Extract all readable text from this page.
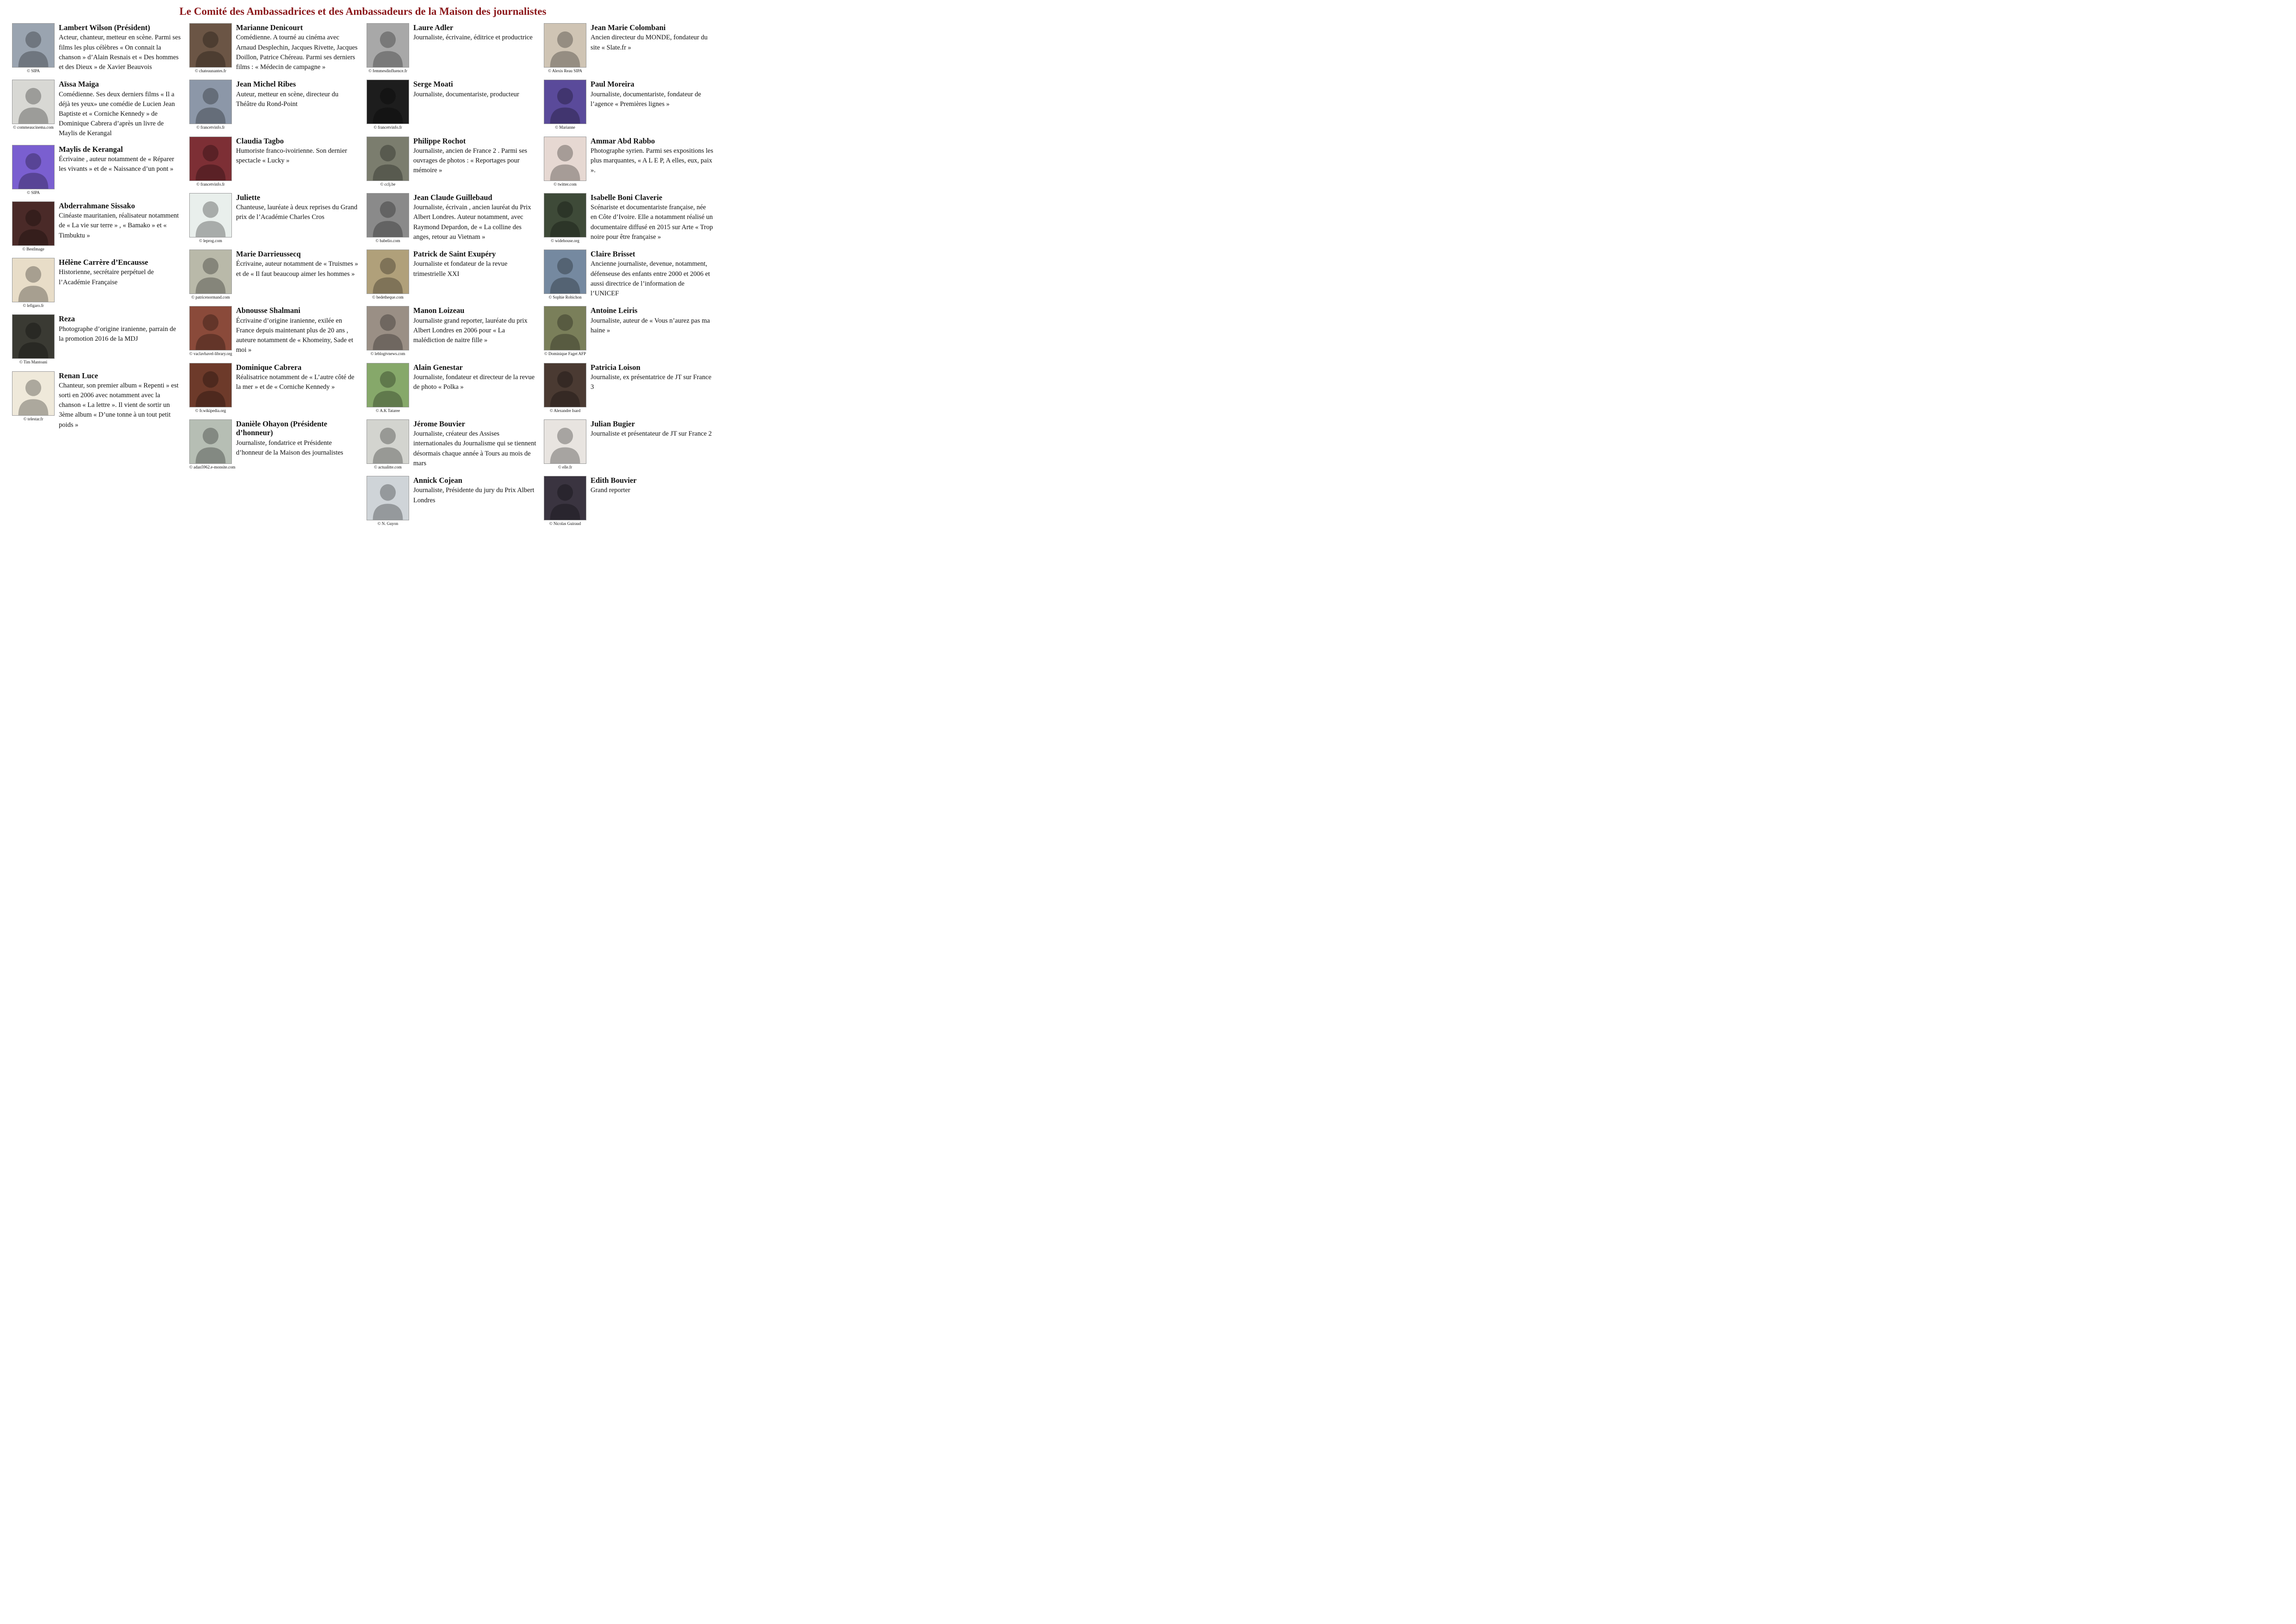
Le Comité des Ambassadrices et des Ambassadeurs de la Maison des journalistes
© SIPA
Lambert Wilson (Président)
Acteur, chanteur, metteur en scène. Parmi ses films les plus célèbres « On connait la chanson » d’Alain Resnais et « Des hommes et des Dieux » de Xavier Beauvois
© commeaucinema.com
Aïssa Maiga
Comédienne. Ses deux derniers films « Il a déjà tes yeux» une comédie de Lucien Jean Baptiste et « Corniche Kennedy » de Dominique Cabrera d’après un livre de Maylis de Kerangal
© SIPA
Maylis de Kerangal
Écrivaine , auteur notamment de « Réparer les vivants » et de « Naissance d’un pont »
© BestImage
Abderrahmane Sissako
Cinéaste mauritanien, réalisateur notamment de « La vie sur terre » , « Bamako » et « Timbuktu »
© lefigaro.fr
Hélène Carrère d’Encausse
Historienne, secrétaire perpétuel de l’Académie Française
© Tim Mantoani
Reza
Photographe d’origine iranienne, parrain de la promotion 2016 de la MDJ
© telestar.fr
Renan Luce
Chanteur, son premier album « Repenti » est sorti en 2006 avec notamment avec la chanson « La lettre ». Il vient de sortir un 3ème album « D’une tonne à un tout petit poids »
© chateaunantes.fr
Marianne Denicourt
Comédienne. A tourné au cinéma avec Arnaud Desplechin, Jacques Rivette, Jacques Doillon, Patrice Chéreau. Parmi ses derniers films : « Médecin de campagne »
© francetvinfo.fr
Jean Michel Ribes
Auteur, metteur en scène, directeur du Théâtre du Rond-Point
© francetvinfo.fr
Claudia Tagbo
Humoriste franco-ivoirienne. Son dernier spectacle « Lucky »
© leprog.com
Juliette
Chanteuse, lauréate à deux reprises du Grand prix de l’Académie Charles Cros
© patricenormand.com
Marie Darrieussecq
Écrivaine, auteur notamment de « Truismes » et de « Il faut beaucoup aimer les hommes »
© vaclavhavel-library.org
Abnousse Shalmani
Écrivaine d’origine iranienne, exilée en France depuis maintenant plus de 20 ans , auteure notamment de « Khomeiny, Sade et moi »
© fr.wikipedia.org
Dominique Cabrera
Réalisatrice notamment de « L’autre côté de la mer » et de « Corniche Kennedy »
© adan5962.e-monsite.com
Danièle Ohayon (Présidente d’honneur)
Journaliste, fondatrice et Présidente d’honneur de la Maison des journalistes
© femmesdinfluence.fr
Laure Adler
Journaliste, écrivaine, éditrice et productrice
© francetvinfo.fr
Serge Moati
Journaliste, documentariste, producteur
© cclj.be
Philippe Rochot
Journaliste, ancien de France 2 . Parmi ses ouvrages de photos : « Reportages pour mémoire »
© babelio.com
Jean Claude Guillebaud
Journaliste, écrivain , ancien lauréat du Prix Albert Londres. Auteur notamment, avec Raymond Depardon, de « La colline des anges, retour au Vietnam »
© bedetheque.com
Patrick de Saint Exupéry
Journaliste et fondateur de la revue trimestrielle XXI
© leblogtvnews.com
Manon Loizeau
Journaliste grand reporter, lauréate du prix Albert Londres en 2006 pour « La malédiction de naitre fille »
© A.K Tataree
Alain Genestar
Journaliste, fondateur et directeur de la revue de photo « Polka »
© actualitte.com
Jérome Bouvier
Journaliste, créateur des Assises internationales du Journalisme qui se tiennent désormais chaque année à Tours au mois de mars
© N. Guyon
Annick Cojean
Journaliste, Présidente du jury du Prix Albert Londres
© Alexis Reau SIPA
Jean Marie Colombani
Ancien directeur du MONDE, fondateur du site « Slate.fr »
© Marianne
Paul Moreira
Journaliste, documentariste, fondateur de l’agence « Premières lignes »
© twitter.com
Ammar Abd Rabbo
Photographe syrien. Parmi ses expositions les plus marquantes, « A L E P, A elles, eux, paix ».
© widehouse.org
Isabelle Boni Claverie
Scénariste et documentariste française, née en Côte d’Ivoire. Elle a notamment réalisé un documentaire diffusé en 2015 sur Arte « Trop noire pour être française »
© Sophie Robichon
Claire Brisset
Ancienne journaliste, devenue, notamment, défenseuse des enfants entre 2000 et 2006 et aussi directrice de l’information de l’UNICEF
© Dominique Faget AFP
Antoine Leiris
Journaliste, auteur de « Vous n’aurez pas ma haine »
© Alexandre Isard
Patricia Loison
Journaliste, ex présentatrice de JT sur France 3
© elle.fr
Julian Bugier
Journaliste et présentateur de JT sur France 2
© Nicolas Guiraud
Edith Bouvier
Grand reporter
